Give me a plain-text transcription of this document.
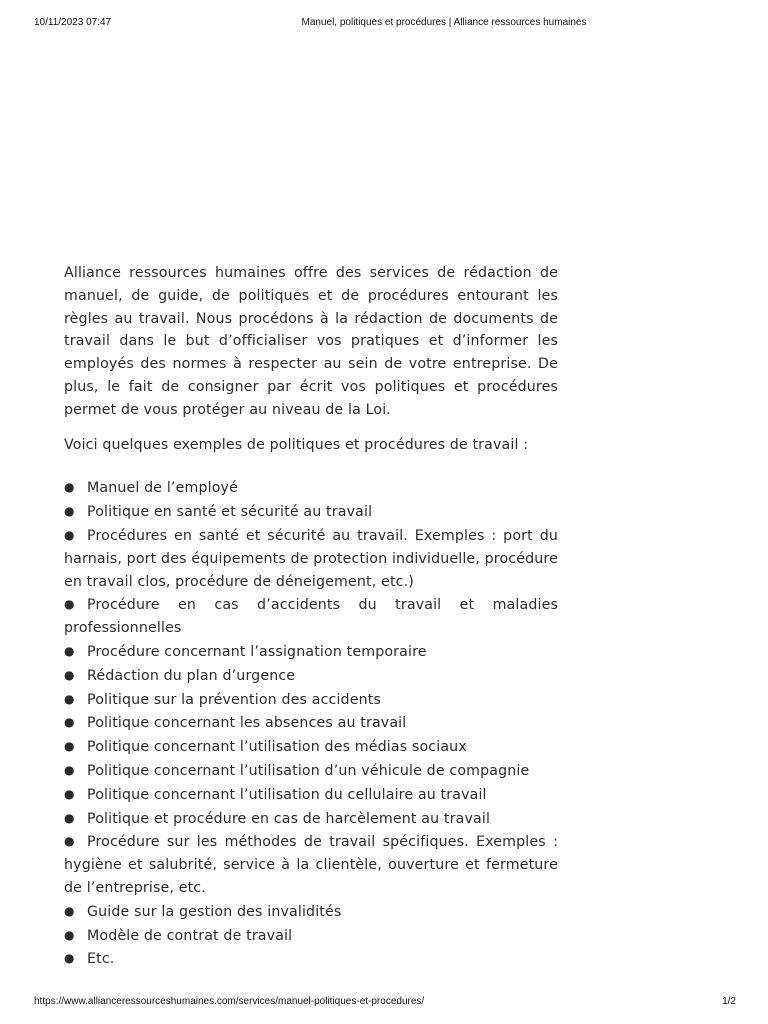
10/11/2023 07:47	Manuel, politiques et procédures | Alliance ressources humaines

Alliance ressources humaines offre des services de rédaction de manuel, de guide, de politiques et de procédures entourant les règles au travail. Nous procédons à la rédaction de documents de travail dans le but d’officialiser vos pratiques et d’informer les employés des normes à respecter au sein de votre entreprise. De plus, le fait de consigner par écrit vos politiques et procédures permet de vous protéger au niveau de la Loi.

Voici quelques exemples de politiques et procédures de travail :

● Manuel de l’employé
● Politique en santé et sécurité au travail
● Procédures en santé et sécurité au travail. Exemples : port du harnais, port des équipements de protection individuelle, procédure en travail clos, procédure de déneigement, etc.)
● Procédure en cas d’accidents du travail et maladies professionnelles
● Procédure concernant l’assignation temporaire
● Rédaction du plan d’urgence
● Politique sur la prévention des accidents
● Politique concernant les absences au travail
● Politique concernant l’utilisation des médias sociaux
● Politique concernant l’utilisation d’un véhicule de compagnie
● Politique concernant l’utilisation du cellulaire au travail
● Politique et procédure en cas de harcèlement au travail
● Procédure sur les méthodes de travail spécifiques. Exemples : hygiène et salubrité, service à la clientèle, ouverture et fermeture de l’entreprise, etc.
● Guide sur la gestion des invalidités
● Modèle de contrat de travail
● Etc.
https://www.allianceressourceshumaines.com/services/manuel-politiques-et-procedures/	1/2
